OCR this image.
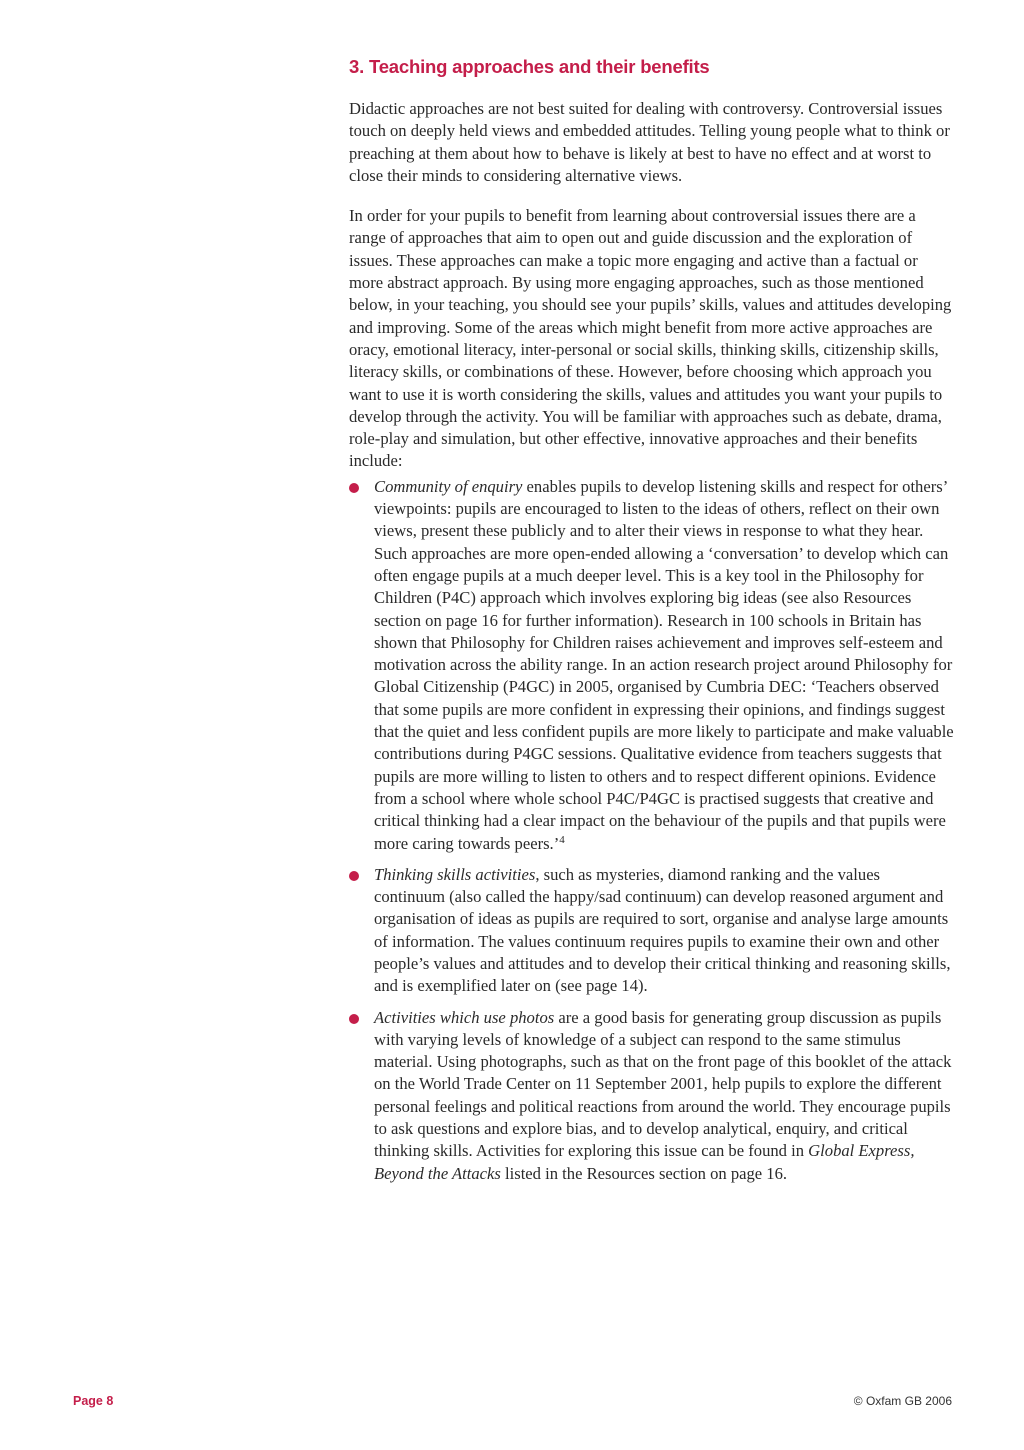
3. Teaching approaches and their benefits

Didactic approaches are not best suited for dealing with controversy. Controversial issues touch on deeply held views and embedded attitudes. Telling young people what to think or preaching at them about how to behave is likely at best to have no effect and at worst to close their minds to considering alternative views.

In order for your pupils to benefit from learning about controversial issues there are a range of approaches that aim to open out and guide discussion and the exploration of issues. These approaches can make a topic more engaging and active than a factual or more abstract approach. By using more engaging approaches, such as those mentioned below, in your teaching, you should see your pupils’ skills, values and attitudes developing and improving. Some of the areas which might benefit from more active approaches are oracy, emotional literacy, inter-personal or social skills, thinking skills, citizenship skills, literacy skills, or combinations of these. However, before choosing which approach you want to use it is worth considering the skills, values and attitudes you want your pupils to develop through the activity. You will be familiar with approaches such as debate, drama, role-play and simulation, but other effective, innovative approaches and their benefits include:

Community of enquiry enables pupils to develop listening skills and respect for others’ viewpoints: pupils are encouraged to listen to the ideas of others, reflect on their own views, present these publicly and to alter their views in response to what they hear. Such approaches are more open-ended allowing a ‘conversation’ to develop which can often engage pupils at a much deeper level. This is a key tool in the Philosophy for Children (P4C) approach which involves exploring big ideas (see also Resources section on page 16 for further information). Research in 100 schools in Britain has shown that Philosophy for Children raises achievement and improves self-esteem and motivation across the ability range. In an action research project around Philosophy for Global Citizenship (P4GC) in 2005, organised by Cumbria DEC: ‘Teachers observed that some pupils are more confident in expressing their opinions, and findings suggest that the quiet and less confident pupils are more likely to participate and make valuable contributions during P4GC sessions. Qualitative evidence from teachers suggests that pupils are more willing to listen to others and to respect different opinions. Evidence from a school where whole school P4C/P4GC is practised suggests that creative and critical thinking had a clear impact on the behaviour of the pupils and that pupils were more caring towards peers.’$^4$
Thinking skills activities, such as mysteries, diamond ranking and the values continuum (also called the happy/sad continuum) can develop reasoned argument and organisation of ideas as pupils are required to sort, organise and analyse large amounts of information. The values continuum requires pupils to examine their own and other people’s values and attitudes and to develop their critical thinking and reasoning skills, and is exemplified later on (see page 14).
Activities which use photos are a good basis for generating group discussion as pupils with varying levels of knowledge of a subject can respond to the same stimulus material. Using photographs, such as that on the front page of this booklet of the attack on the World Trade Center on 11 September 2001, help pupils to explore the different personal feelings and political reactions from around the world. They encourage pupils to ask questions and explore bias, and to develop analytical, enquiry, and critical thinking skills. Activities for exploring this issue can be found in Global Express, Beyond the Attacks listed in the Resources section on page 16.
Page 8	© Oxfam GB 2006
